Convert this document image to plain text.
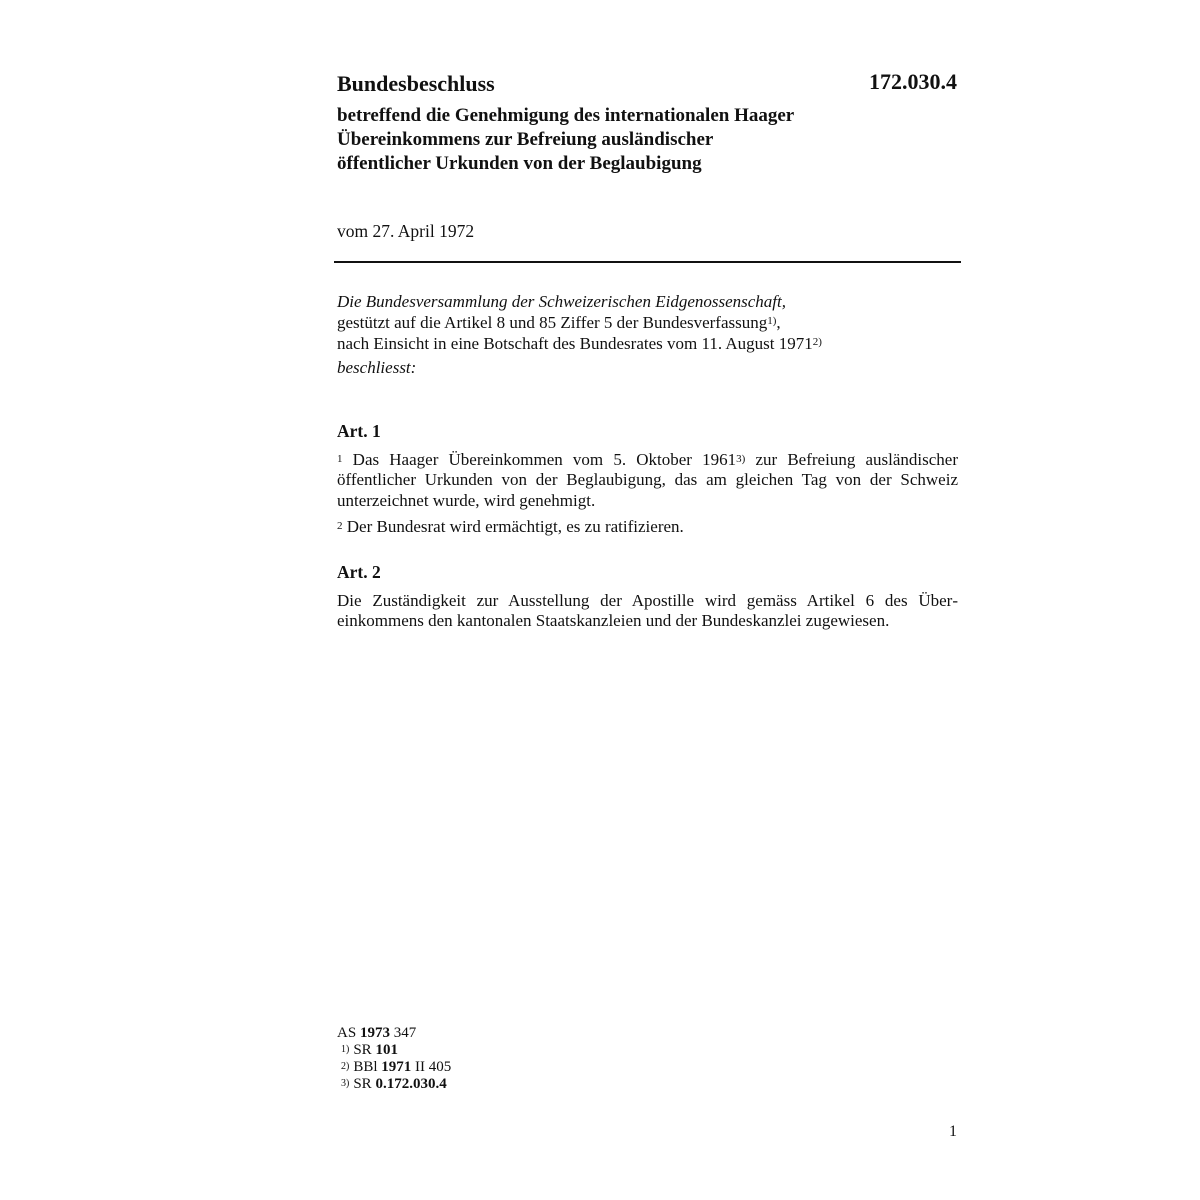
Bundesbeschluss	172.030.4
betreffend die Genehmigung des internationalen Haager
Übereinkommens zur Befreiung ausländischer
öffentlicher Urkunden von der Beglaubigung
vom 27. April 1972
Die Bundesversammlung der Schweizerischen Eidgenossenschaft,
gestützt auf die Artikel 8 und 85 Ziffer 5 der Bundesverfassung$^{1)}$,
nach Einsicht in eine Botschaft des Bundesrates vom 11. August 1971$^{2)}$
beschliesst:
Art. 1
$^1$ Das Haager Übereinkommen vom 5. Oktober 1961$^{3)}$ zur Befreiung ausländischer öffentlicher Urkunden von der Beglaubigung, das am gleichen Tag von der Schweiz unterzeichnet wurde, wird genehmigt.
$^2$ Der Bundesrat wird ermächtigt, es zu ratifizieren.
Art. 2
Die Zuständigkeit zur Ausstellung der Apostille wird gemäss Artikel 6 des Übereinkommens den kantonalen Staatskanzleien und der Bundeskanzlei zugewiesen.
AS 1973 347
$^{1)}$ SR 101
$^{2)}$ BBl 1971 II 405
$^{3)}$ SR 0.172.030.4
1
